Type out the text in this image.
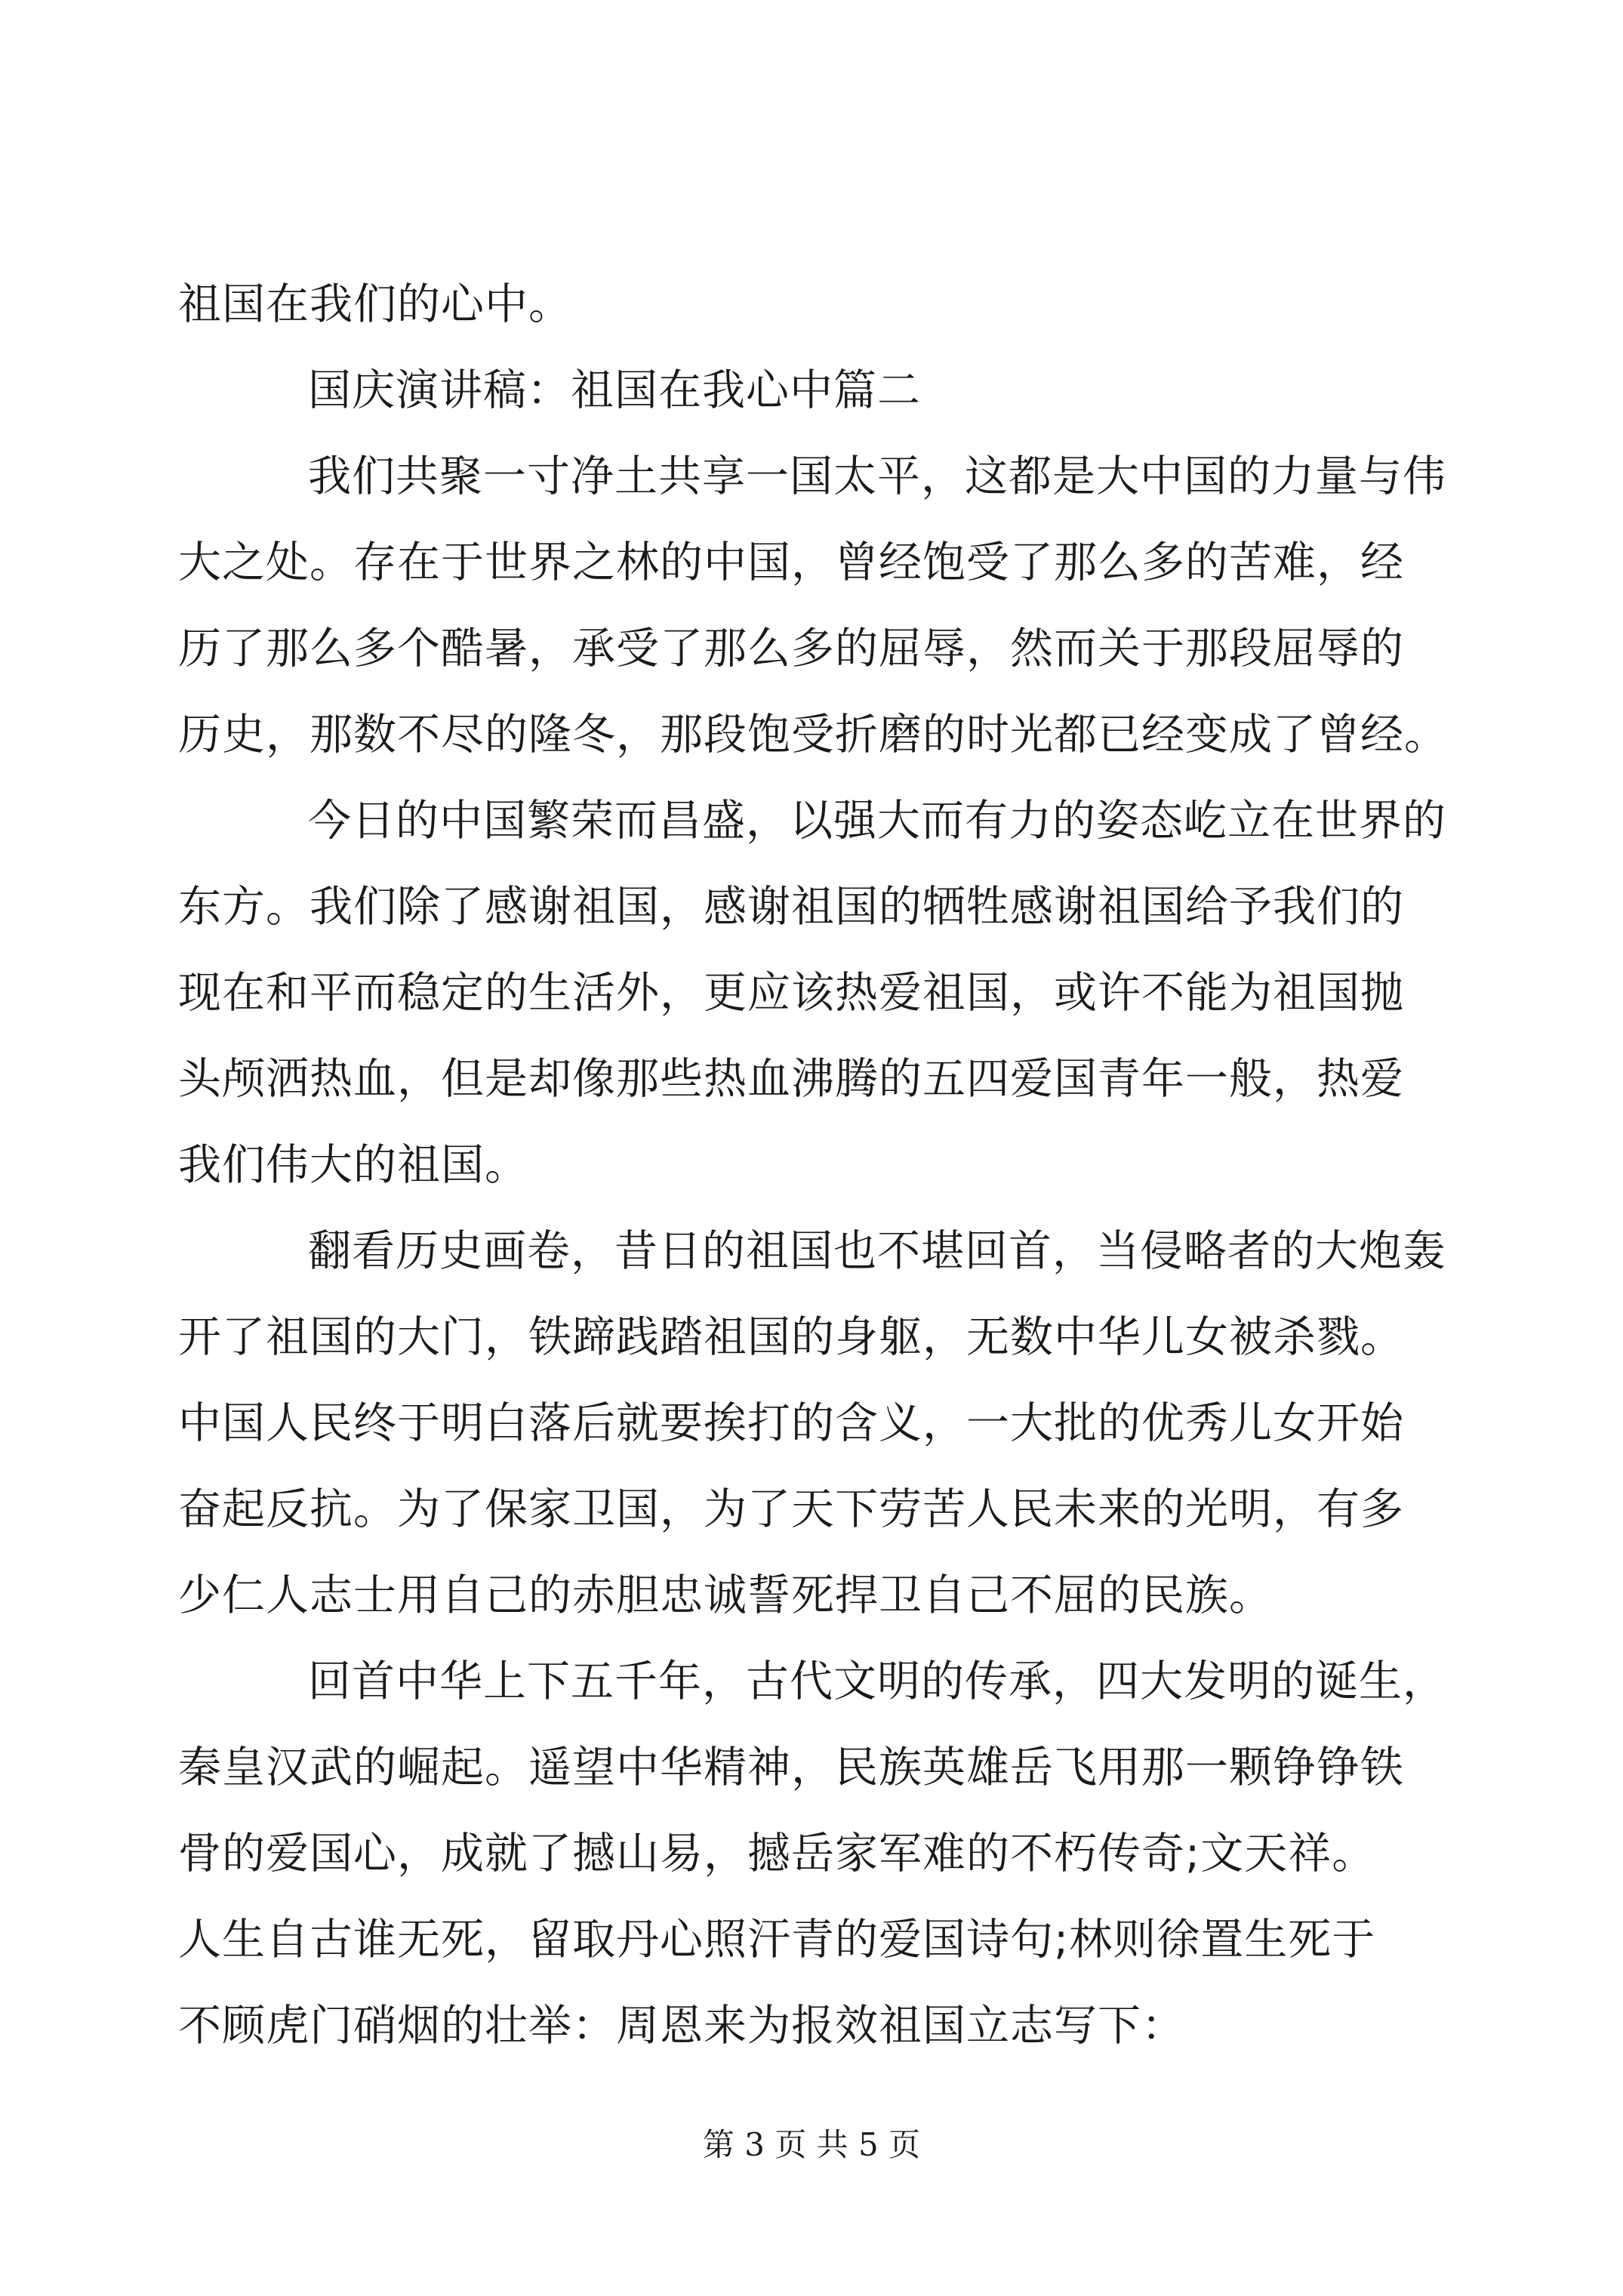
祖国在我们的心中。

国庆演讲稿：祖国在我心中篇二

我们共聚一寸净土共享一国太平，这都是大中国的力量与伟

大之处。存在于世界之林的中国，曾经饱受了那么多的苦难，经

历了那么多个酷暑，承受了那么多的屈辱，然而关于那段屈辱的

历史，那数不尽的隆冬，那段饱受折磨的时光都已经变成了曾经。

今日的中国繁荣而昌盛，以强大而有力的姿态屹立在世界的

东方。我们除了感谢祖国，感谢祖国的牺牲感谢祖国给予我们的

现在和平而稳定的生活外，更应该热爱祖国，或许不能为祖国抛

头颅洒热血，但是却像那些热血沸腾的五四爱国青年一般，热爱

我们伟大的祖国。

翻看历史画卷，昔日的祖国也不堪回首，当侵略者的大炮轰

开了祖国的大门，铁蹄践踏祖国的身躯，无数中华儿女被杀戮。

中国人民终于明白落后就要挨打的含义，一大批的优秀儿女开始

奋起反抗。为了保家卫国，为了天下劳苦人民未来的光明，有多

少仁人志士用自己的赤胆忠诚誓死捍卫自己不屈的民族。

回首中华上下五千年，古代文明的传承，四大发明的诞生，

秦皇汉武的崛起。遥望中华精神，民族英雄岳飞用那一颗铮铮铁

骨的爱国心，成就了撼山易，撼岳家军难的不朽传奇;文天祥。

人生自古谁无死，留取丹心照汗青的爱国诗句;林则徐置生死于

不顾虎门硝烟的壮举：周恩来为报效祖国立志写下：

第 3 页 共 5 页
